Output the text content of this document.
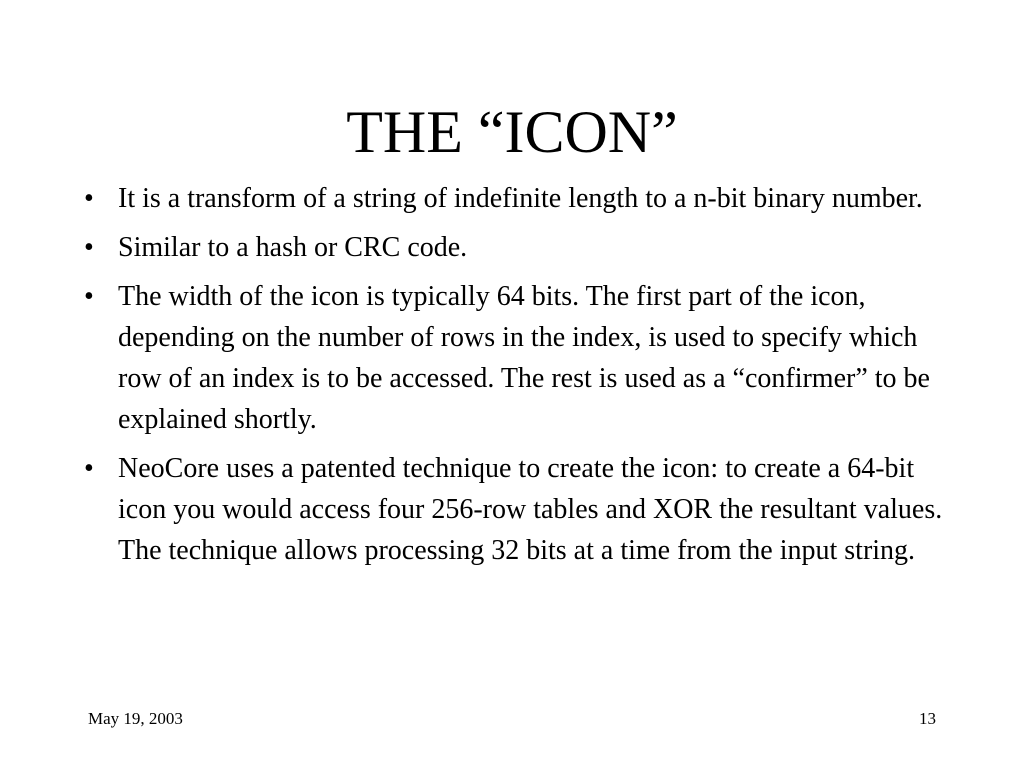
THE “ICON”
• It is a transform of a string of indefinite length to a n-bit binary number.
• Similar to a hash or CRC code.
• The width of the icon is typically 64 bits. The first part of the icon, depending on the number of rows in the index, is used to specify which row of an index is to be accessed. The rest is used as a “confirmer” to be explained shortly.
• NeoCore uses a patented technique to create the icon: to create a 64-bit icon you would access four 256-row tables and XOR the resultant values. The technique allows processing 32 bits at a time from the input string.
May 19, 2003	13
